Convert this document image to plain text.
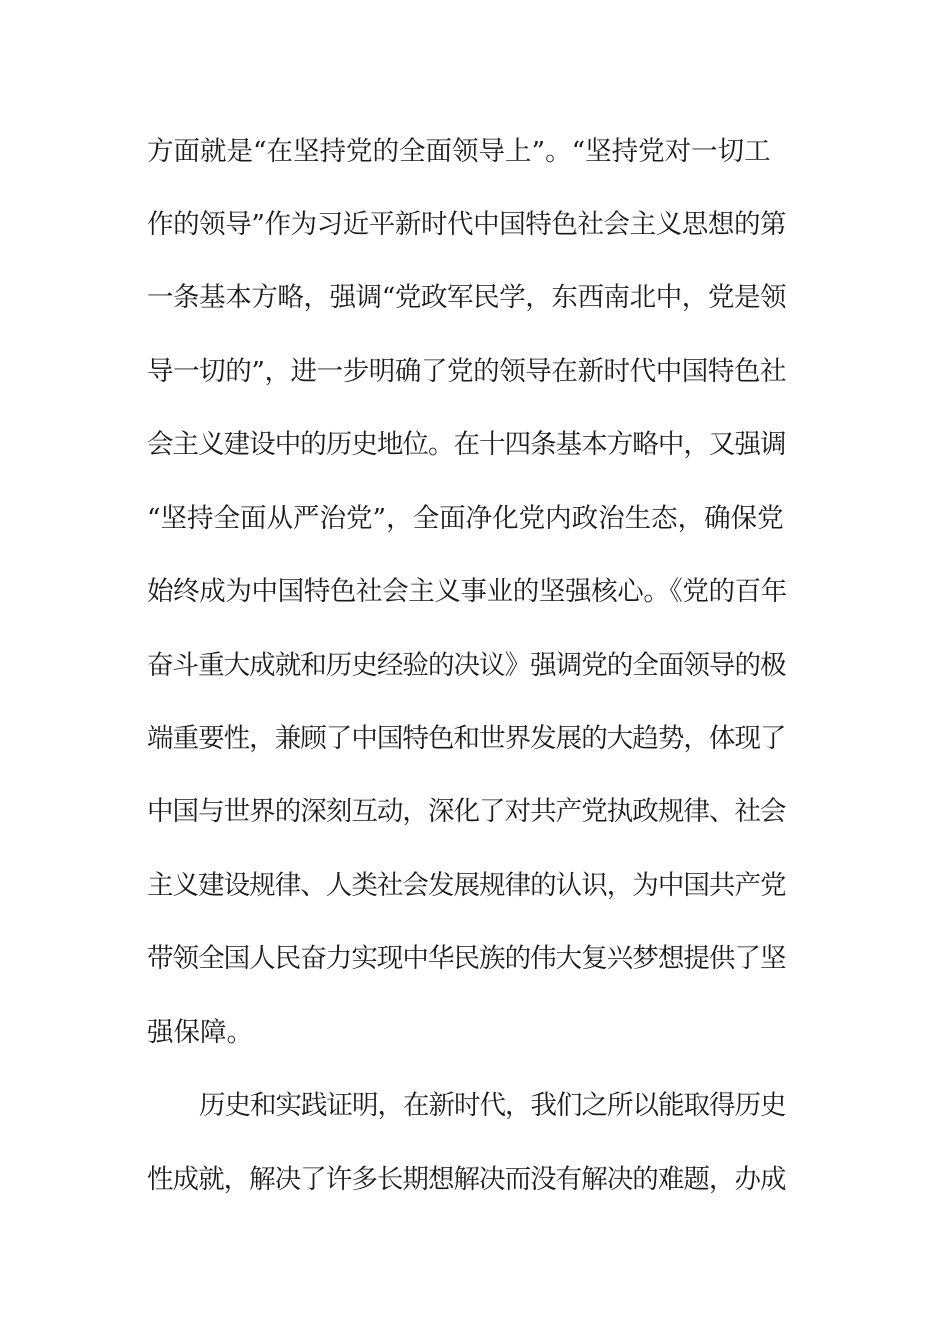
方面就是“在坚持党的全面领导上”。“坚持党对一切工
作的领导”作为习近平新时代中国特色社会主义思想的第
一条基本方略，强调“党政军民学，东西南北中，党是领
导一切的”，进一步明确了党的领导在新时代中国特色社
会主义建设中的历史地位。在十四条基本方略中，又强调
“坚持全面从严治党”，全面净化党内政治生态，确保党
始终成为中国特色社会主义事业的坚强核心。《党的百年
奋斗重大成就和历史经验的决议》强调党的全面领导的极
端重要性，兼顾了中国特色和世界发展的大趋势，体现了
中国与世界的深刻互动，深化了对共产党执政规律、社会
主义建设规律、人类社会发展规律的认识，为中国共产党
带领全国人民奋力实现中华民族的伟大复兴梦想提供了坚
强保障。
历史和实践证明，在新时代，我们之所以能取得历史
性成就，解决了许多长期想解决而没有解决的难题，办成
